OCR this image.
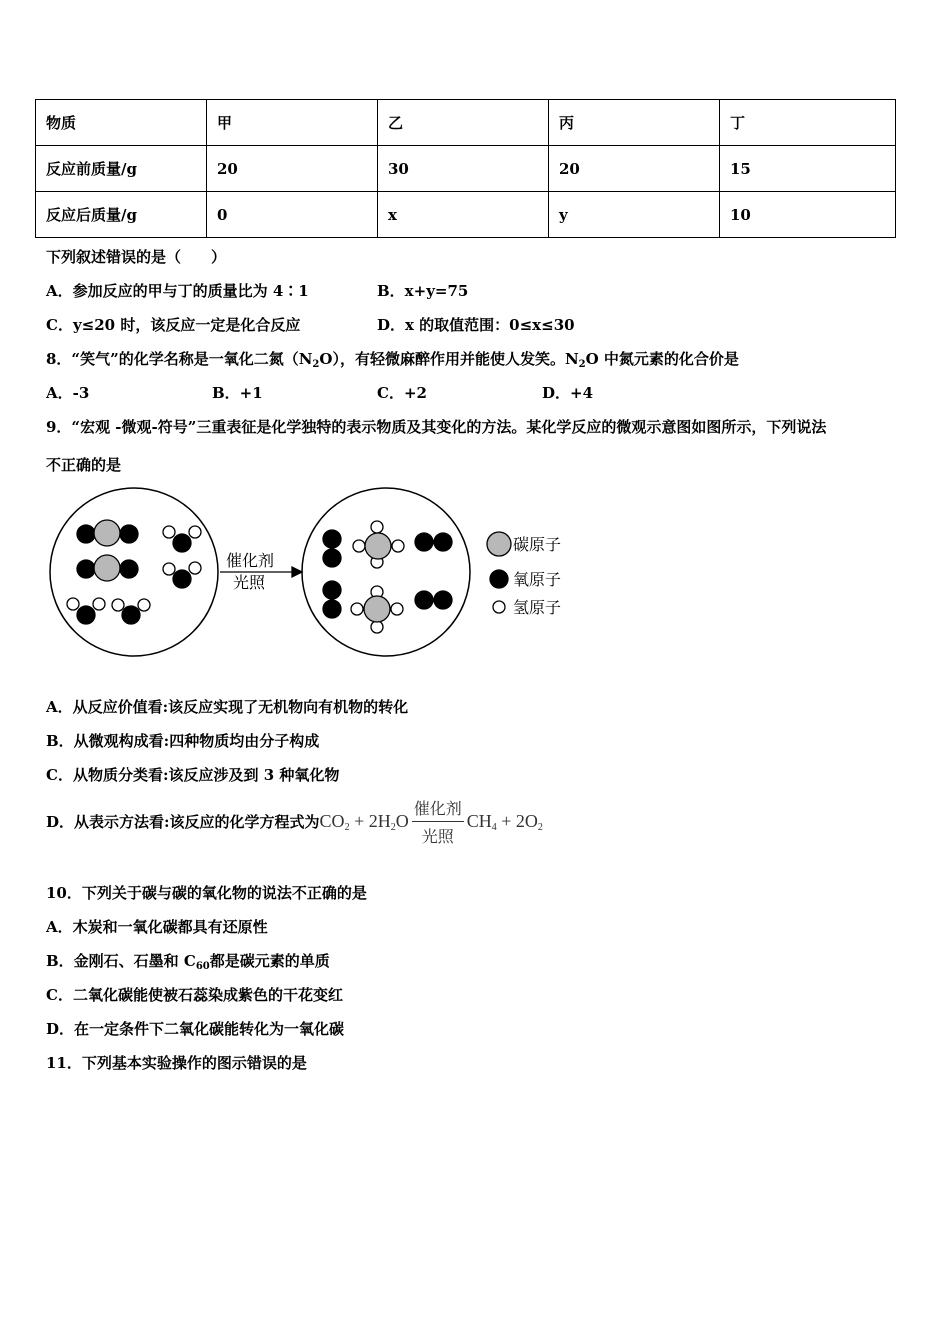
物质	甲	乙	丙	丁
反应前质量/g	20	30	20	15
反应后质量/g	0	x	y	10
下列叙述错误的是（　　）
A．参加反应的甲与丁的质量比为 4∶1	B．x+y=75
C．y≤20 时，该反应一定是化合反应	D．x 的取值范围：0≤x≤30
8．“笑气”的化学名称是一氧化二氮$(N_2O)$，有轻微麻醉作用并能使人发笑。$N_2O$ 中氮元素的化合价是
A．-3	B．+1	C．+2	D．+4
9．“宏观 -微观-符号”三重表征是化学独特的表示物质及其变化的方法。某化学反应的微观示意图如图所示，下列说法
不正确的是
催化剂
光照
碳原子
氧原子
氢原子
A．从反应价值看:该反应实现了无机物向有机物的转化
B．从微观构成看:四种物质均由分子构成
C．从物质分类看:该反应涉及到 3 种氧化物
D．从表示方法看:该反应的化学方程式为 $CO_2 + 2H_2O \frac{\text{催化剂}}{\text{光照}} CH_4 + 2O_2$
10．下列关于碳与碳的氧化物的说法不正确的是
A．木炭和一氧化碳都具有还原性
B．金刚石、石墨和 $C_{60}$都是碳元素的单质
C．二氧化碳能使被石蕊染成紫色的干花变红
D．在一定条件下二氧化碳能转化为一氧化碳
11．下列基本实验操作的图示错误的是
